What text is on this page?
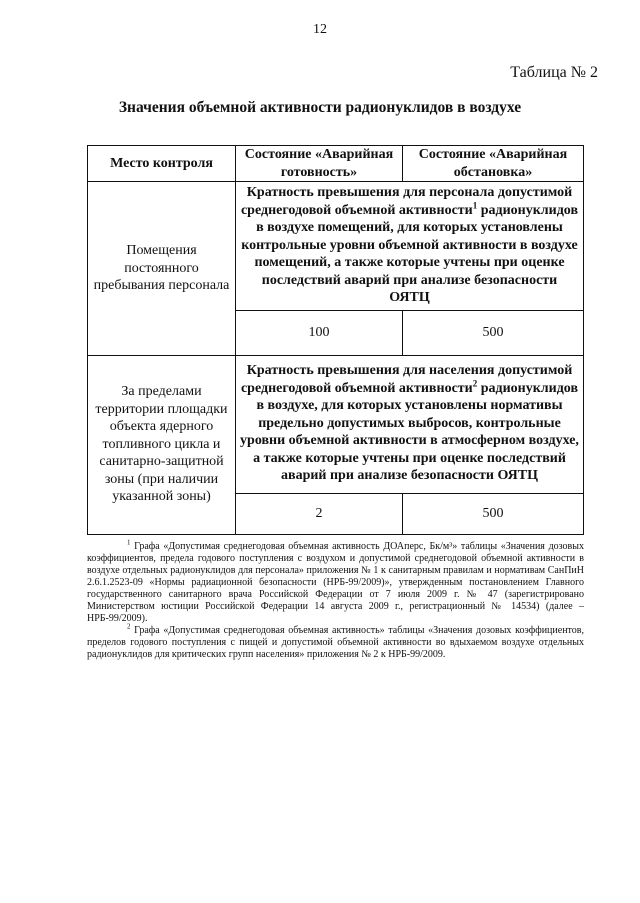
12
Таблица № 2
Значения объемной активности радионуклидов в воздухе
Место контроля	Состояние «Аварийная готовность»	Состояние «Аварийная обстановка»
Помещения постоянного пребывания персонала	Кратность превышения для персонала допустимой среднегодовой объемной активности$^1$ радионуклидов в воздухе помещений, для которых установлены контрольные уровни объемной активности в воздухе помещений, а также которые учтены при оценке последствий аварий при анализе безопасности ОЯТЦ	
	100	500
За пределами территории площадки объекта ядерного топливного цикла и санитарно-защитной зоны (при наличии указанной зоны)	Кратность превышения для населения допустимой среднегодовой объемной активности$^2$ радионуклидов в воздухе, для которых установлены нормативы предельно допустимых выбросов, контрольные уровни объемной активности в атмосферном воздухе, а также которые учтены при оценке последствий аварий при анализе безопасности ОЯТЦ	
	2	500

$^1$ Графа «Допустимая среднегодовая объемная активность ДОАперс, Бк/м³» таблицы «Значения дозовых коэффициентов, предела годового поступления с воздухом и допустимой среднегодовой объемной активности в воздухе отдельных радионуклидов для персонала» приложения № 1 к санитарным правилам и нормативам СанПиН 2.6.1.2523-09 «Нормы радиационной безопасности (НРБ-99/2009)», утвержденным постановлением Главного государственного санитарного врача Российской Федерации от 7 июля 2009 г. № 47 (зарегистрировано Министерством юстиции Российской Федерации 14 августа 2009 г., регистрационный № 14534) (далее – НРБ-99/2009).

$^2$ Графа «Допустимая среднегодовая объемная активность» таблицы «Значения дозовых коэффициентов, пределов годового поступления с пищей и допустимой объемной активности во вдыхаемом воздухе отдельных радионуклидов для критических групп населения» приложения № 2 к НРБ-99/2009.
